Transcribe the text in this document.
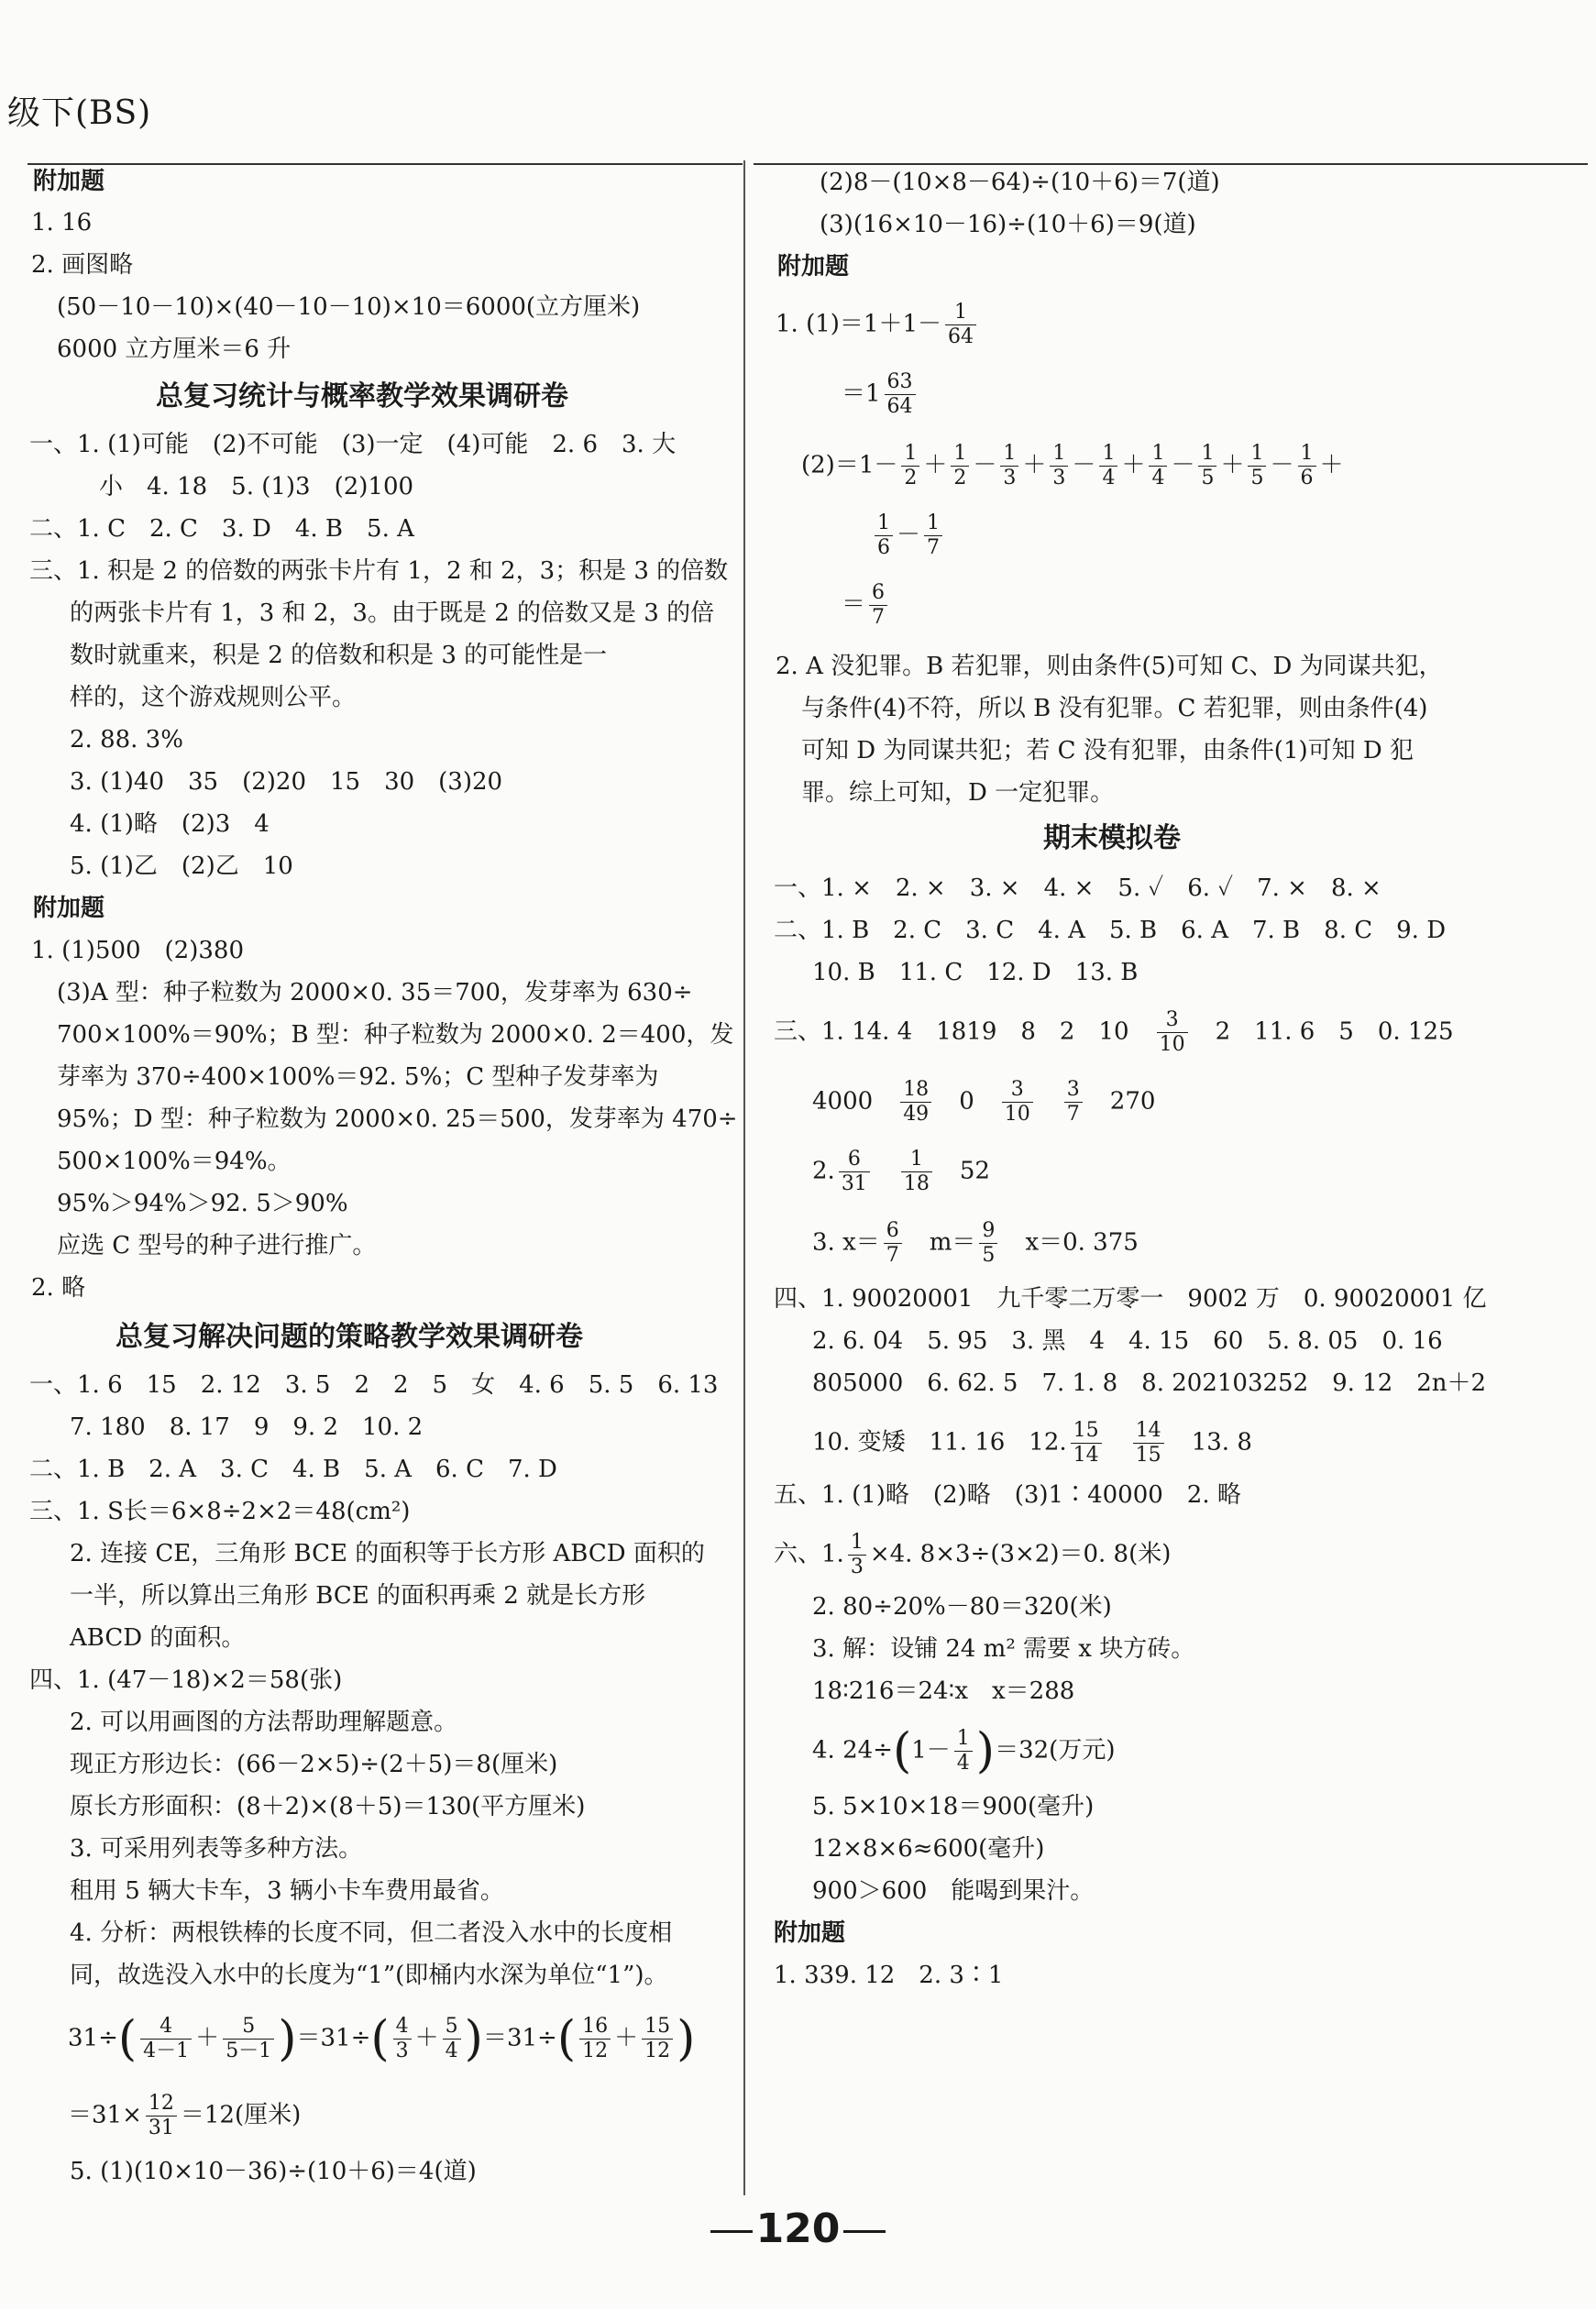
级下(BS)
附加题
1. 16
2. 画图略
(50－10－10)×(40－10－10)×10＝6000(立方厘米)
6000 立方厘米＝6 升
总复习统计与概率教学效果调研卷
一、1. (1)可能　(2)不可能　(3)一定　(4)可能　2. 6　3. 大
小　4. 18　5. (1)3　(2)100
二、1. C　2. C　3. D　4. B　5. A
三、1. 积是 2 的倍数的两张卡片有 1，2 和 2，3；积是 3 的倍数
的两张卡片有 1，3 和 2，3。由于既是 2 的倍数又是 3 的倍
数时就重来，积是 2 的倍数和积是 3 的可能性是一
样的，这个游戏规则公平。
2. 88. 3%
3. (1)40　35　(2)20　15　30　(3)20
4. (1)略　(2)3　4
5. (1)乙　(2)乙　10
附加题
1. (1)500　(2)380
(3)A 型：种子粒数为 2000×0. 35＝700，发芽率为 630÷
700×100%＝90%；B 型：种子粒数为 2000×0. 2＝400，发
芽率为 370÷400×100%＝92. 5%；C 型种子发芽率为
95%；D 型：种子粒数为 2000×0. 25＝500，发芽率为 470÷
500×100%＝94%。
95%＞94%＞92. 5＞90%
应选 C 型号的种子进行推广。
2. 略
总复习解决问题的策略教学效果调研卷
一、1. 6　15　2. 12　3. 5　2　2　5　女　4. 6　5. 5　6. 13
7. 180　8. 17　9　9. 2　10. 2
二、1. B　2. A　3. C　4. B　5. A　6. C　7. D
三、1. S长＝6×8÷2×2＝48(cm²)
2. 连接 CE，三角形 BCE 的面积等于长方形 ABCD 面积的
一半，所以算出三角形 BCE 的面积再乘 2 就是长方形
ABCD 的面积。
四、1. (47－18)×2＝58(张)
2. 可以用画图的方法帮助理解题意。
现正方形边长：(66－2×5)÷(2＋5)＝8(厘米)
原长方形面积：(8＋2)×(8＋5)＝130(平方厘米)
3. 可采用列表等多种方法。
租用 5 辆大卡车，3 辆小卡车费用最省。
4. 分析：两根铁棒的长度不同，但二者没入水中的长度相
同，故选没入水中的长度为“1”(即桶内水深为单位“1”)。
$31\div( \frac{4}{4-1} + \frac{5}{5-1} )=31\div( \frac{4}{3} + \frac{5}{4} )=31\div( \frac{16}{12} + \frac{15}{12}$ )
$=31\times \frac{12}{31} =12$(厘米)
5. (1)(10×10－36)÷(10＋6)＝4(道)
(2)8－(10×8－64)÷(10＋6)＝7(道)
(3)(16×10－16)÷(10＋6)＝9(道)
附加题
1. $(1)=1+1- \frac{1}{64}$
$=1 \frac{63}{64}$
$(2)=1- \frac{1}{2} + \frac{1}{2} - \frac{1}{3} + \frac{1}{3} - \frac{1}{4} + \frac{1}{4} - \frac{1}{5} + \frac{1}{5} - \frac{1}{6}$ ＋
$\frac{1}{6} - \frac{1}{7}$
＝ $\frac{6}{7}$
2. A 没犯罪。B 若犯罪，则由条件(5)可知 C、D 为同谋共犯，
与条件(4)不符，所以 B 没有犯罪。C 若犯罪，则由条件(4)
可知 D 为同谋共犯；若 C 没有犯罪，由条件(1)可知 D 犯
罪。综上可知，D 一定犯罪。
期末模拟卷
一、1. ×　2. ×　3. ×　4. ×　5. ✓　6. ✓　7. ×　8. ×
二、1. B　2. C　3. C　4. A　5. B　6. A　7. B　8. C　9. D
10. B　11. C　12. D　13. B
三、1. 14. 4　1819　8　2　10　 $\frac{3}{10}$
　 2　11. 6　5　0. 125
4000　 $\frac{18}{49}$
　 0　 $\frac{3}{10}$
　 $\frac{3}{7}$
　 270
2. $\frac{6}{31}$
　 $\frac{1}{18}$
　 52
3. $x= \frac{6}{7}$
　 $m= \frac{9}{5}$
　 x＝0. 375
四、1. 90020001　九千零二万零一　9002 万　0. 90020001 亿
2. 6. 04　5. 95　3. 黑　4　4. 15　60　5. 8. 05　0. 16
805000　6. 62. 5　7. 1. 8　8. 202103252　9. 12　2n＋2
10. 变矮　11. 16　12. $\frac{15}{14}$
　 $\frac{14}{15}$
　 13. 8
五、1. (1)略　(2)略　(3)1∶40000　2. 略
六、1. $\frac{1}{3} \times 4$. 8×3÷(3×2)＝0. 8(米)
2. 80÷20%－80＝320(米)
3. 解：设铺 24 m² 需要 x 块方砖。
18∶216＝24∶x　x＝288
4. $24\div(1- \frac{1}{4} )=32$(万元)
5. 5×10×18＝900(毫升)
12×8×6≈600(毫升)
900＞600　能喝到果汁。
附加题
1. 339. 12　2. 3∶1
120
